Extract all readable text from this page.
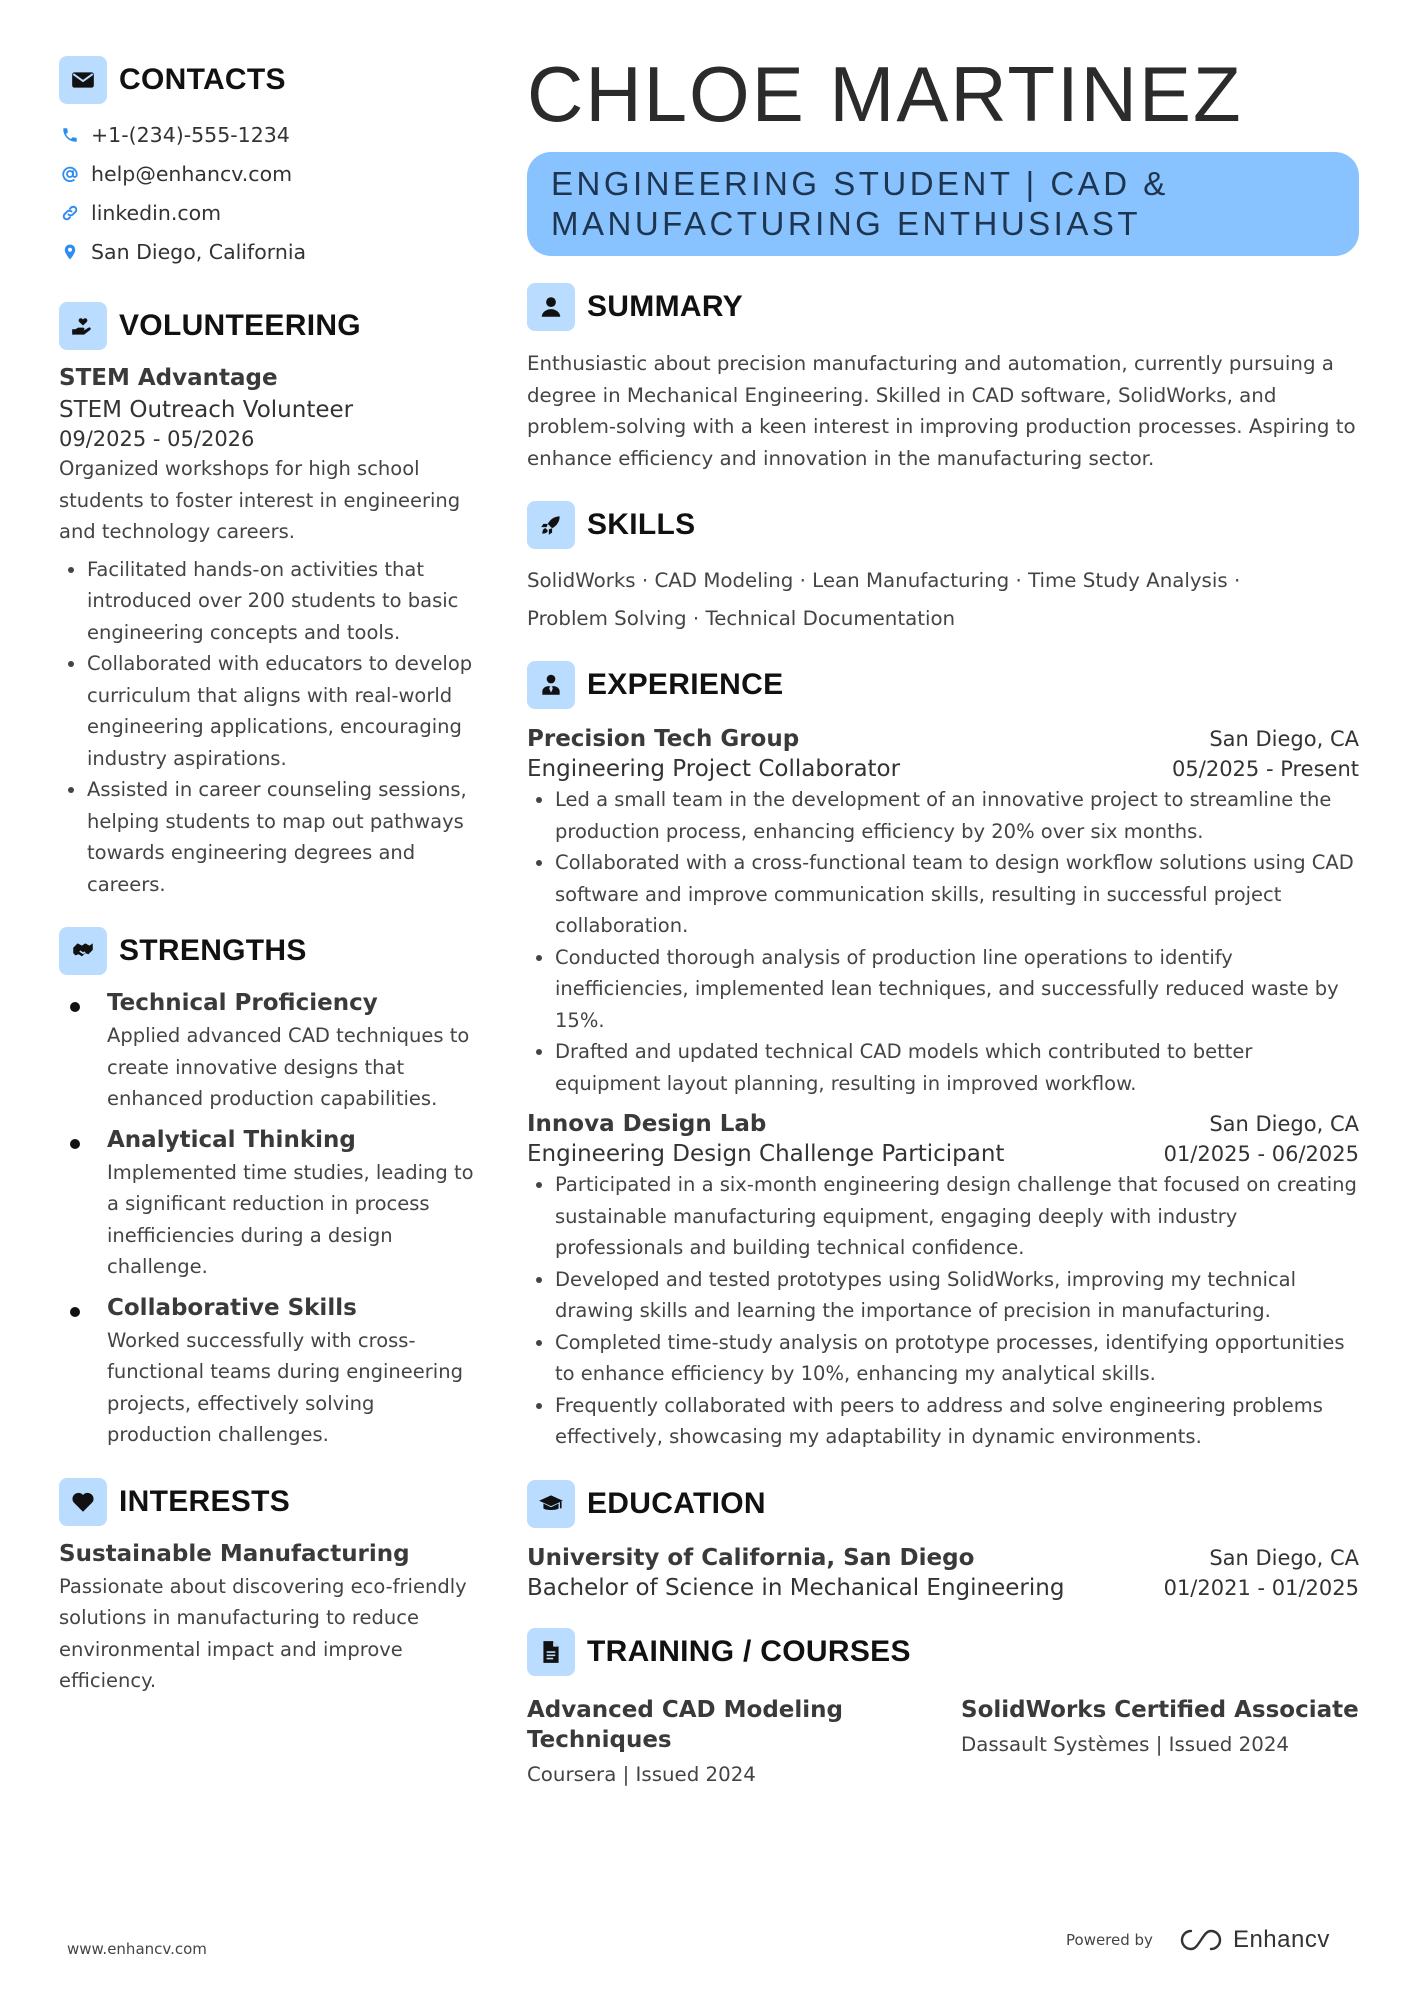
CONTACTS
+1-(234)-555-1234
help@enhancv.com
linkedin.com
San Diego, California
VOLUNTEERING
STEM Advantage
STEM Outreach Volunteer
09/2025 - 05/2026
Organized workshops for high school students to foster interest in engineering and technology careers.
Facilitated hands-on activities that introduced over 200 students to basic engineering concepts and tools.
Collaborated with educators to develop curriculum that aligns with real-world engineering applications, encouraging industry aspirations.
Assisted in career counseling sessions, helping students to map out pathways towards engineering degrees and careers.
STRENGTHS
Technical Proficiency
Applied advanced CAD techniques to create innovative designs that enhanced production capabilities.
Analytical Thinking
Implemented time studies, leading to a significant reduction in process inefficiencies during a design challenge.
Collaborative Skills
Worked successfully with cross-functional teams during engineering projects, effectively solving production challenges.
INTERESTS
Sustainable Manufacturing
Passionate about discovering eco-friendly solutions in manufacturing to reduce environmental impact and improve efficiency.
CHLOE MARTINEZ
ENGINEERING STUDENT | CAD & MANUFACTURING ENTHUSIAST
SUMMARY
Enthusiastic about precision manufacturing and automation, currently pursuing a degree in Mechanical Engineering. Skilled in CAD software, SolidWorks, and problem-solving with a keen interest in improving production processes. Aspiring to enhance efficiency and innovation in the manufacturing sector.
SKILLS
SolidWorks · CAD Modeling · Lean Manufacturing · Time Study Analysis ·
Problem Solving · Technical Documentation
EXPERIENCE
Precision Tech Group	San Diego, CA
Engineering Project Collaborator	05/2025 - Present
Led a small team in the development of an innovative project to streamline the production process, enhancing efficiency by 20% over six months.
Collaborated with a cross-functional team to design workflow solutions using CAD software and improve communication skills, resulting in successful project collaboration.
Conducted thorough analysis of production line operations to identify inefficiencies, implemented lean techniques, and successfully reduced waste by 15%.
Drafted and updated technical CAD models which contributed to better equipment layout planning, resulting in improved workflow.
Innova Design Lab	San Diego, CA
Engineering Design Challenge Participant	01/2025 - 06/2025
Participated in a six-month engineering design challenge that focused on creating sustainable manufacturing equipment, engaging deeply with industry professionals and building technical confidence.
Developed and tested prototypes using SolidWorks, improving my technical drawing skills and learning the importance of precision in manufacturing.
Completed time-study analysis on prototype processes, identifying opportunities to enhance efficiency by 10%, enhancing my analytical skills.
Frequently collaborated with peers to address and solve engineering problems effectively, showcasing my adaptability in dynamic environments.
EDUCATION
University of California, San Diego	San Diego, CA
Bachelor of Science in Mechanical Engineering	01/2021 - 01/2025
TRAINING / COURSES
Advanced CAD Modeling Techniques
Coursera | Issued 2024
SolidWorks Certified Associate
Dassault Systèmes | Issued 2024
www.enhancv.com	Powered by	Enhancv
